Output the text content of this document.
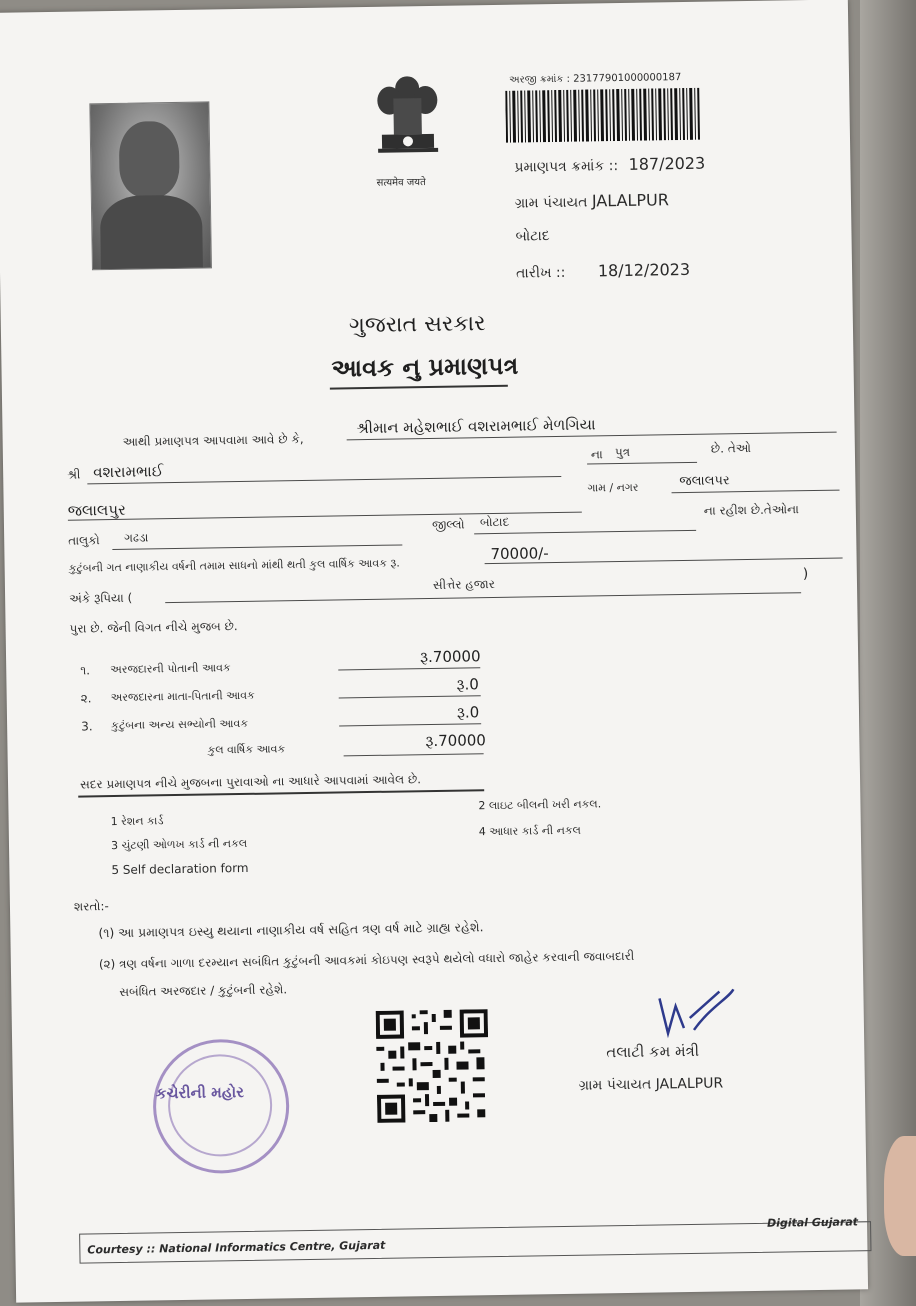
सत्यमेव जयते
અરજી ક્રમાંક : 23177901000000187
પ્રમાણપત્ર ક્રમાંક :: 187/2023
ગ્રામ પંચાયત JALALPUR
બોટાદ
તારીખ :: 18/12/2023
ગુજરાત સરકાર
આવક નુ પ્રમાણપત્ર
આથી પ્રમાણપત્ર આપવામા આવે છે કે,
શ્રીમાન મહેશભાઈ વશરામભાઈ મેળગિયા
શ્રી વશરામભાઈ
ના પુત્ર	છે. તેઓ
ગામ / નગર	જલાલપર
જલાલપુર
તાલુકો ગઢડા
જીલ્લો બોટાદ
ના રહીશ છે.તેઓના
કુટુંબની ગત નાણાકીય વર્ષની તમામ સાધનો માંથી થતી કુલ વાર્ષિક આવક રૂ.
70000/-
અંકે રૂપિયા (
સીત્તેર હજાર
)
પુરા છે. જેની વિગત નીચે મુજબ છે.
૧. અરજદારની પોતાની આવક
રૂ.70000
૨. અરજદારના માતા-પિતાની આવક
રૂ.0
3. કુટુંબના અન્ય સભ્યોની આવક
રૂ.0
કુલ વાર્ષિક આવક	રૂ.70000
સદર પ્રમાણપત્ર નીચે મુજબના પુરાવાઓ ના આધારે આપવામાં આવેલ છે.
1 રેશન કાર્ડ
2 લાઇટ બીલની ખરી નકલ.
3 ચુંટણી ઓળખ કાર્ડ ની નકલ
4 આધાર કાર્ડ ની નકલ
5 Self declaration form
શરતો:-
(૧) આ પ્રમાણપત્ર ઇસ્યુ થયાના નાણાકીય વર્ષ સહિત ત્રણ વર્ષ માટે ગ્રાહ્ય રહેશે.
(૨) ત્રણ વર્ષના ગાળા દરમ્યાન સબંધિત કુટુંબની આવકમાં કોઇપણ સ્વરૂપે થયેલો વધારો જાહેર કરવાની જવાબદારી
સબંધિત અરજદાર / કુટુંબની રહેશે.
કચેરીની મહોર
તલાટી કમ મંત્રી
ગ્રામ પંચાયત JALALPUR
Courtesy :: National Informatics Centre, Gujarat
Digital Gujarat
